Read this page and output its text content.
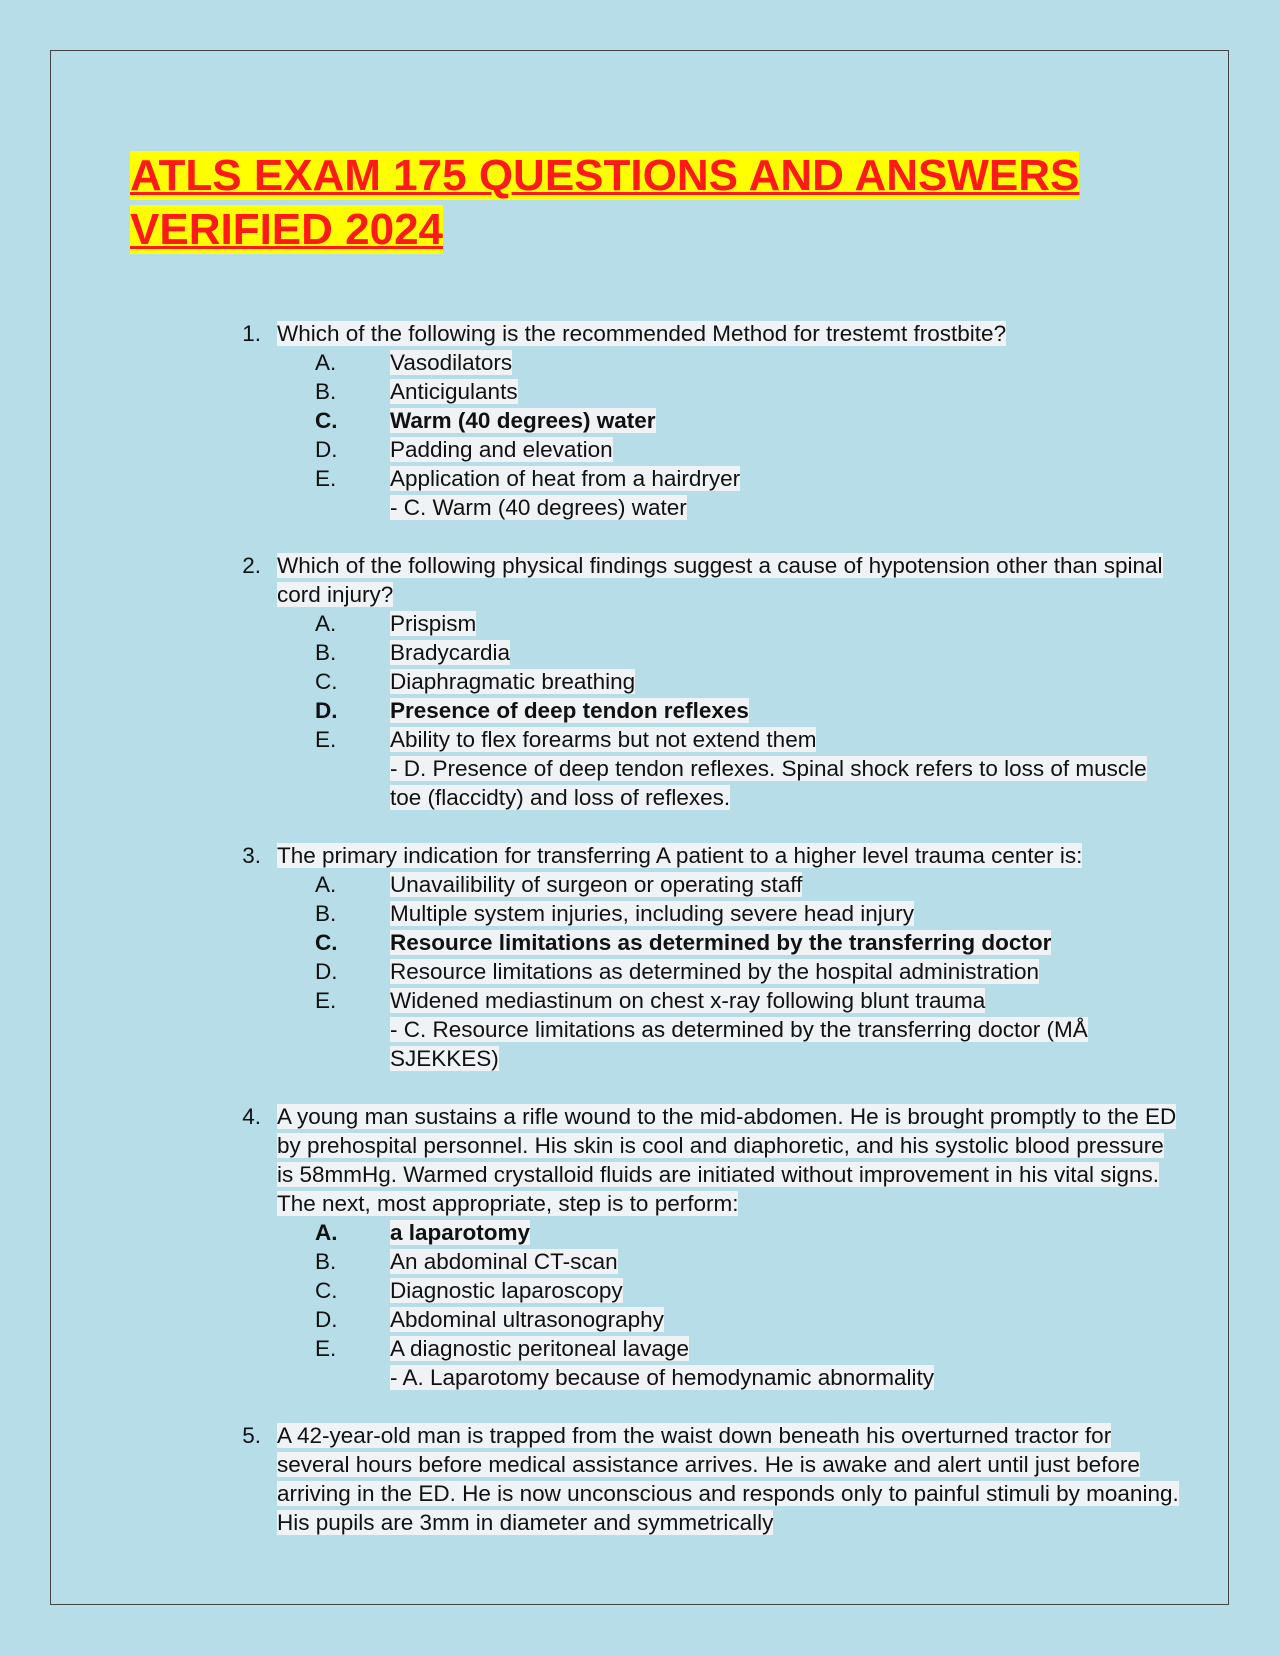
ATLS EXAM 175 QUESTIONS AND ANSWERS
VERIFIED 2024
1. Which of the following is the recommended Method for trestemt frostbite?
A. Vasodilators
B. Anticigulants
C. Warm (40 degrees) water
D. Padding and elevation
E. Application of heat from a hairdryer
- C. Warm (40 degrees) water
2. Which of the following physical findings suggest a cause of hypotension other than spinal cord injury?
A. Prispism
B. Bradycardia
C. Diaphragmatic breathing
D. Presence of deep tendon reflexes
E. Ability to flex forearms but not extend them
- D. Presence of deep tendon reflexes. Spinal shock refers to loss of muscle toe (flaccidty) and loss of reflexes.
3. The primary indication for transferring A patient to a higher level trauma center is:
A. Unavailibility of surgeon or operating staff
B. Multiple system injuries, including severe head injury
C. Resource limitations as determined by the transferring doctor
D. Resource limitations as determined by the hospital administration
E. Widened mediastinum on chest x-ray following blunt trauma
- C. Resource limitations as determined by the transferring doctor (MÅ SJEKKES)
4. A young man sustains a rifle wound to the mid-abdomen. He is brought promptly to the ED by prehospital personnel. His skin is cool and diaphoretic, and his systolic blood pressure is 58mmHg. Warmed crystalloid fluids are initiated without improvement in his vital signs. The next, most appropriate, step is to perform:
A. a laparotomy
B. An abdominal CT-scan
C. Diagnostic laparoscopy
D. Abdominal ultrasonography
E. A diagnostic peritoneal lavage
- A. Laparotomy because of hemodynamic abnormality
5. A 42-year-old man is trapped from the waist down beneath his overturned tractor for several hours before medical assistance arrives. He is awake and alert until just before arriving in the ED. He is now unconscious and responds only to painful stimuli by moaning. His pupils are 3mm in diameter and symmetrically
